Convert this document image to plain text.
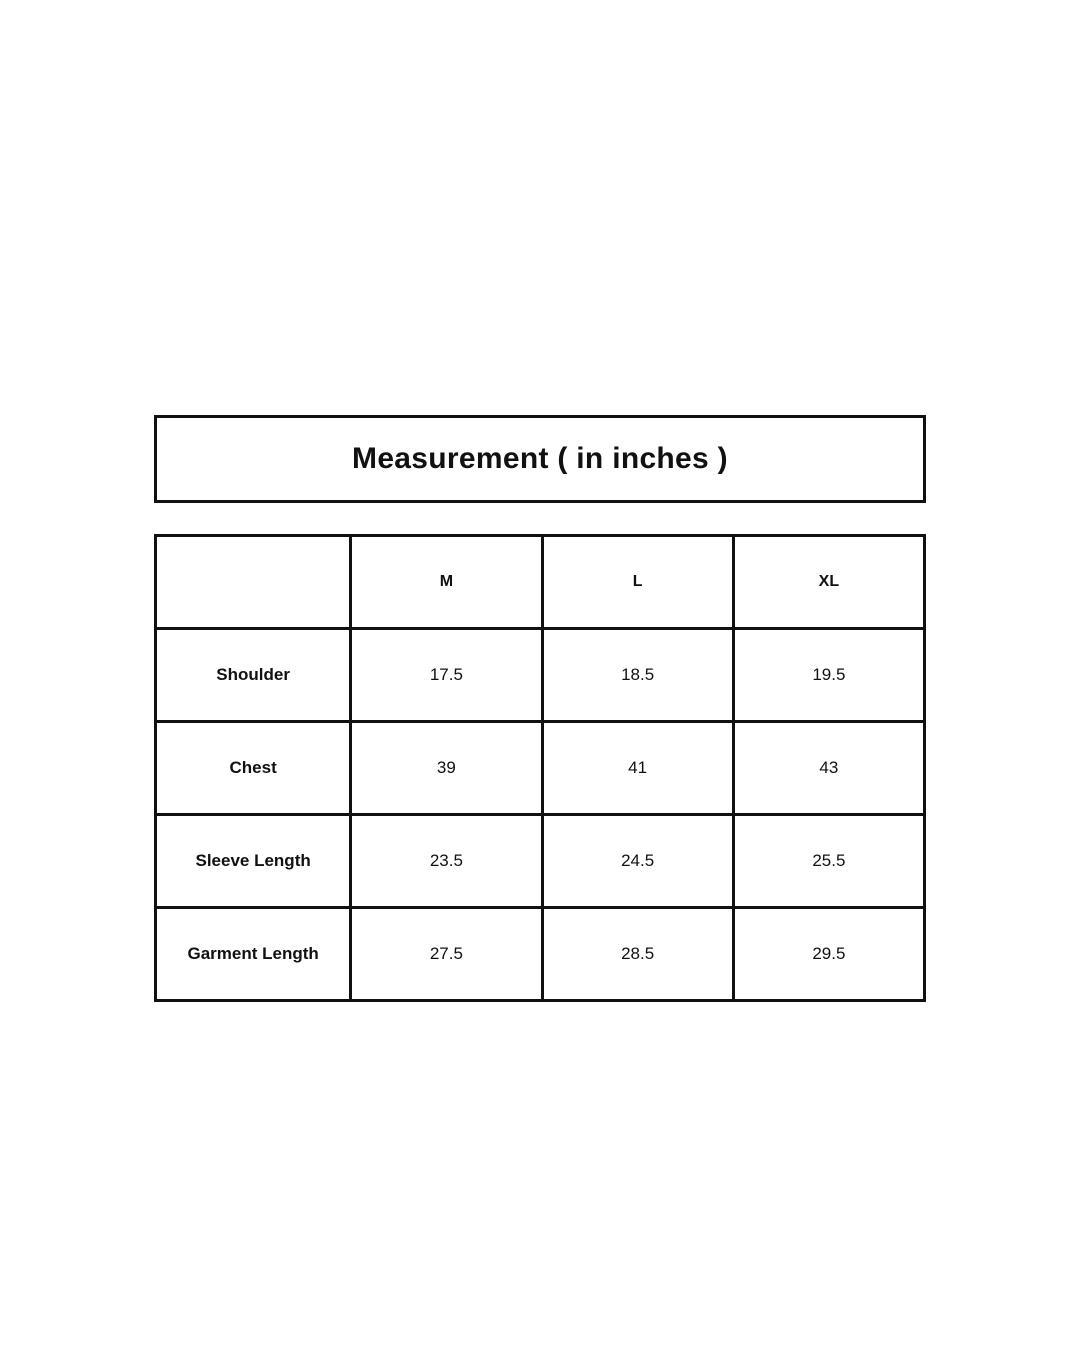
Measurement ( in inches )
	M	L	XL
Shoulder	17.5	18.5	19.5
Chest	39	41	43
Sleeve Length	23.5	24.5	25.5
Garment Length	27.5	28.5	29.5
